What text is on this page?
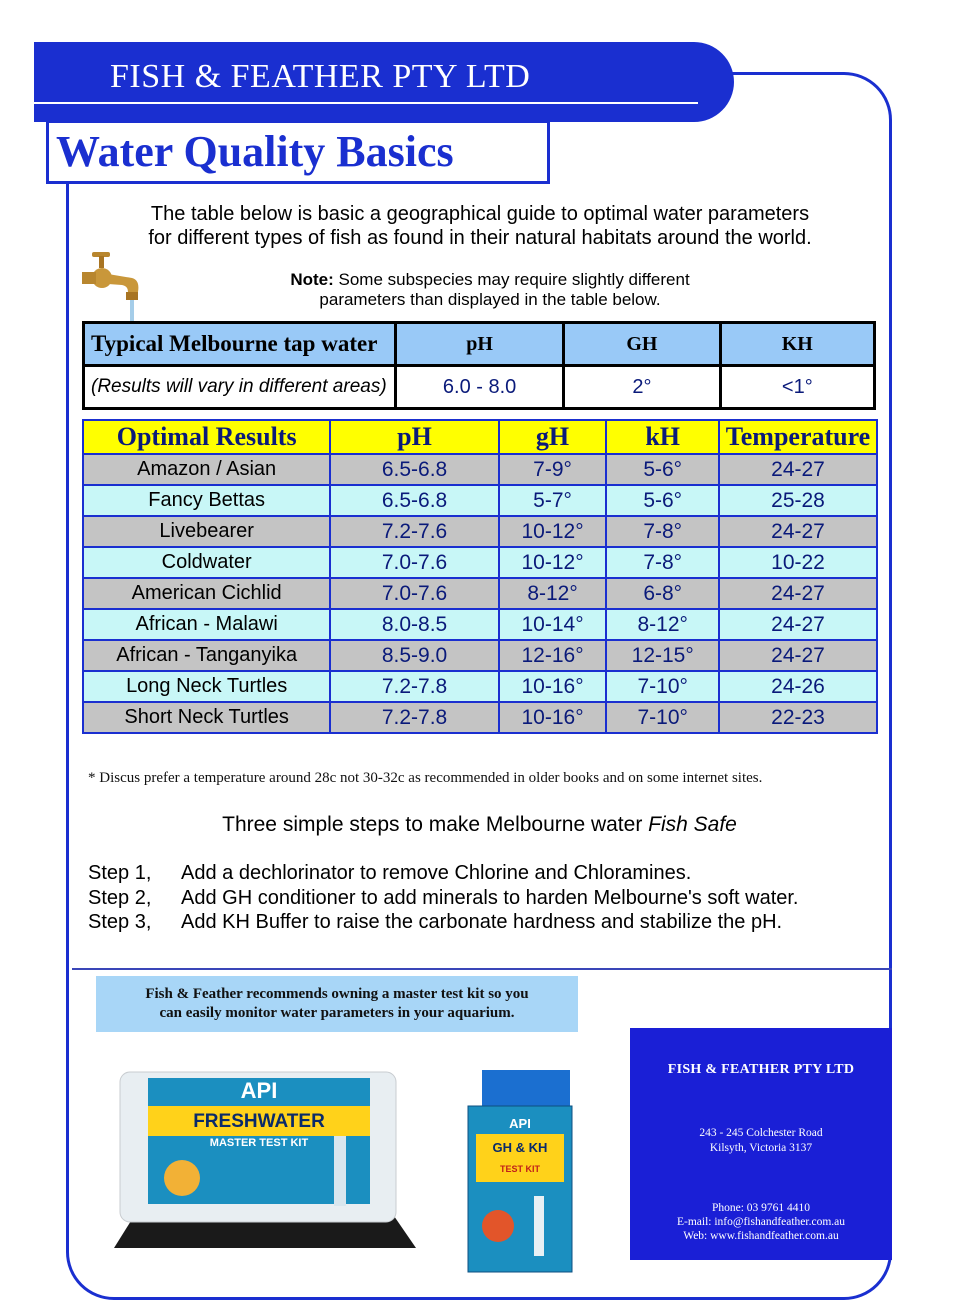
FISH & FEATHER PTY LTD
Water Quality Basics
The table below is basic a geographical guide to optimal water parameters
for different types of fish as found in their natural habitats around the world.
Note: Some subspecies may require slightly different
parameters than displayed in the table below.
Typical Melbourne tap water	pH	GH	KH
(Results will vary in different areas)	6.0 - 8.0	2°	<1°
Optimal Results	pH	gH	kH	Temperature
Amazon / Asian	6.5-6.8	7-9°	5-6°	24-27
Fancy Bettas	6.5-6.8	5-7°	5-6°	25-28
Livebearer	7.2-7.6	10-12°	7-8°	24-27
Coldwater	7.0-7.6	10-12°	7-8°	10-22
American Cichlid	7.0-7.6	8-12°	6-8°	24-27
African - Malawi	8.0-8.5	10-14°	8-12°	24-27
African - Tanganyika	8.5-9.0	12-16°	12-15°	24-27
Long Neck Turtles	7.2-7.8	10-16°	7-10°	24-26
Short Neck Turtles	7.2-7.8	10-16°	7-10°	22-23
* Discus prefer a temperature around 28c not 30-32c as recommended in older books and on some internet sites.
Three simple steps to make Melbourne water Fish Safe
Step 1, Add a dechlorinator to remove Chlorine and Chloramines.
Step 2, Add GH conditioner to add minerals to harden Melbourne's soft water.
Step 3, Add KH Buffer to raise the carbonate hardness and stabilize the pH.
Fish & Feather recommends owning a master test kit so you
can easily monitor water parameters in your aquarium.
API
FRESHWATER
MASTER TEST KIT
API
GH & KH
TEST KIT
FISH & FEATHER PTY LTD
243 - 245 Colchester Road
Kilsyth, Victoria 3137
Phone: 03 9761 4410
E-mail: info@fishandfeather.com.au
Web: www.fishandfeather.com.au
